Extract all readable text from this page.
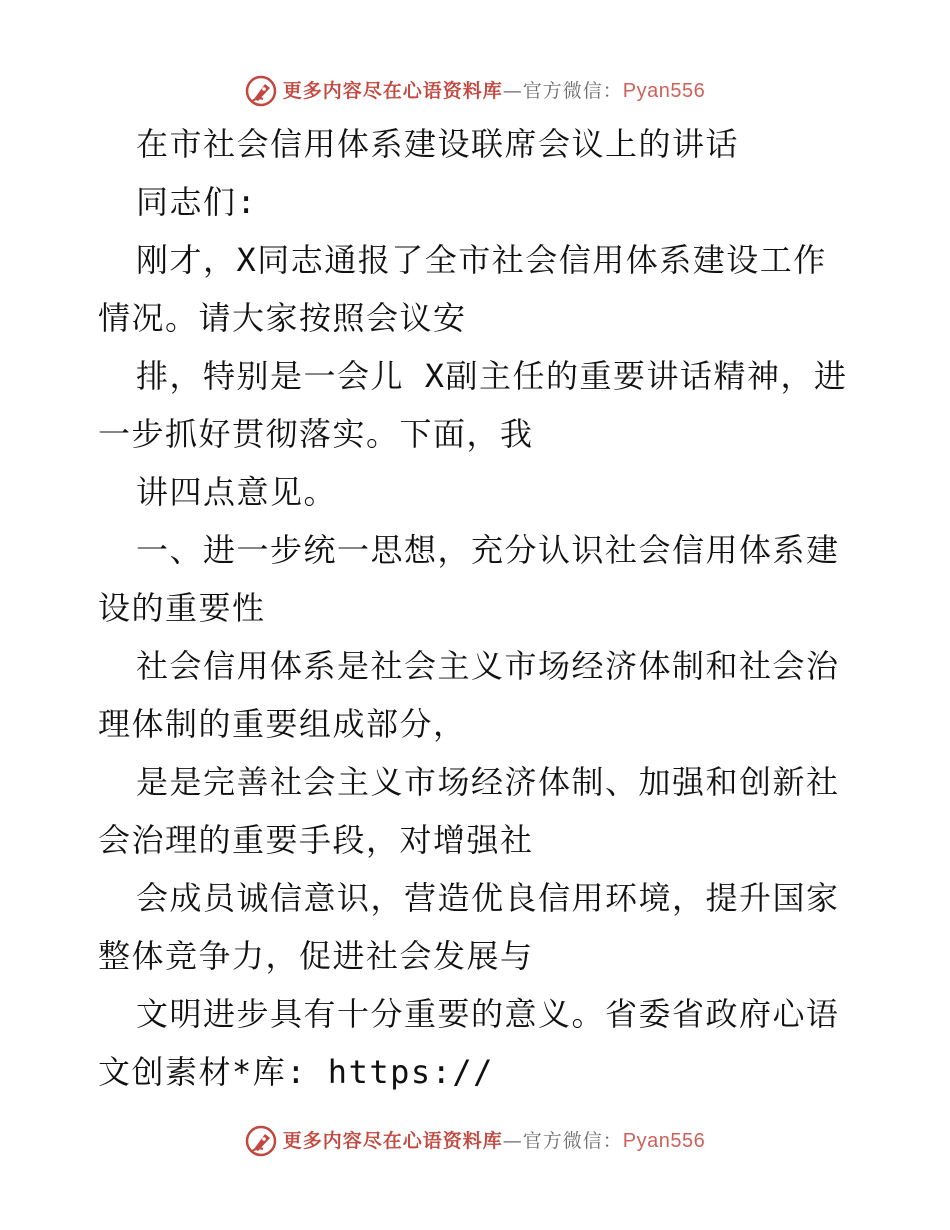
更多内容尽在心语资料库 —官方微信： Pyan556

在市社会信用体系建设联席会议上的讲话

同志们:

刚才，X同志通报了全市社会信用体系建设工作情况。请大家按照会议安

排，特别是一会儿 X副主任的重要讲话精神，进一步抓好贯彻落实。下面，我

讲四点意见。

一、进一步统一思想，充分认识社会信用体系建设的重要性

社会信用体系是社会主义市场经济体制和社会治理体制的重要组成部分，

是是完善社会主义市场经济体制、加强和创新社会治理的重要手段，对增强社

会成员诚信意识，营造优良信用环境，提升国家整体竞争力，促进社会发展与

文明进步具有十分重要的意义。省委省政府心语文创素材*库: https://

更多内容尽在心语资料库 —官方微信： Pyan556
